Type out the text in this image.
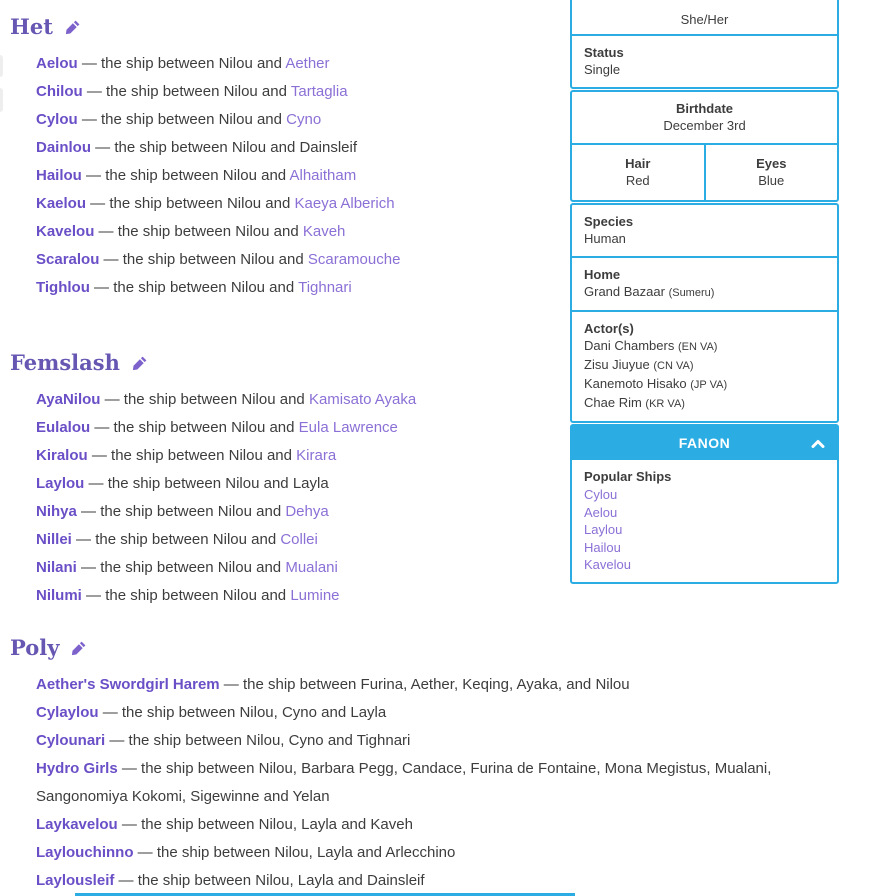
Het
Aelou — the ship between Nilou and Aether
Chilou — the ship between Nilou and Tartaglia
Cylou — the ship between Nilou and Cyno
Dainlou — the ship between Nilou and Dainsleif
Hailou — the ship between Nilou and Alhaitham
Kaelou — the ship between Nilou and Kaeya Alberich
Kavelou — the ship between Nilou and Kaveh
Scaralou — the ship between Nilou and Scaramouche
Tighlou — the ship between Nilou and Tighnari
Femslash
AyaNilou — the ship between Nilou and Kamisato Ayaka
Eulalou — the ship between Nilou and Eula Lawrence
Kiralou — the ship between Nilou and Kirara
Laylou — the ship between Nilou and Layla
Nihya — the ship between Nilou and Dehya
Nillei — the ship between Nilou and Collei
Nilani — the ship between Nilou and Mualani
Nilumi — the ship between Nilou and Lumine
Poly
Aether's Swordgirl Harem — the ship between Furina, Aether, Keqing, Ayaka, and Nilou
Cylaylou — the ship between Nilou, Cyno and Layla
Cylounari — the ship between Nilou, Cyno and Tighnari
Hydro Girls — the ship between Nilou, Barbara Pegg, Candace, Furina de Fontaine, Mona Megistus, Mualani, Sangonomiya Kokomi, Sigewinne and Yelan
Laykavelou — the ship between Nilou, Layla and Kaveh
Laylouchinno — the ship between Nilou, Layla and Arlecchino
Laylousleif — the ship between Nilou, Layla and Dainsleif
She/Her
Status
Single
Birthdate
December 3rd
Hair
Red
Eyes
Blue
Species
Human
Home
Grand Bazaar (Sumeru)
Actor(s)
Dani Chambers (EN VA)
Zisu Jiuyue (CN VA)
Kanemoto Hisako (JP VA)
Chae Rim (KR VA)
FANON
Popular Ships
Cylou
Aelou
Laylou
Hailou
Kavelou
